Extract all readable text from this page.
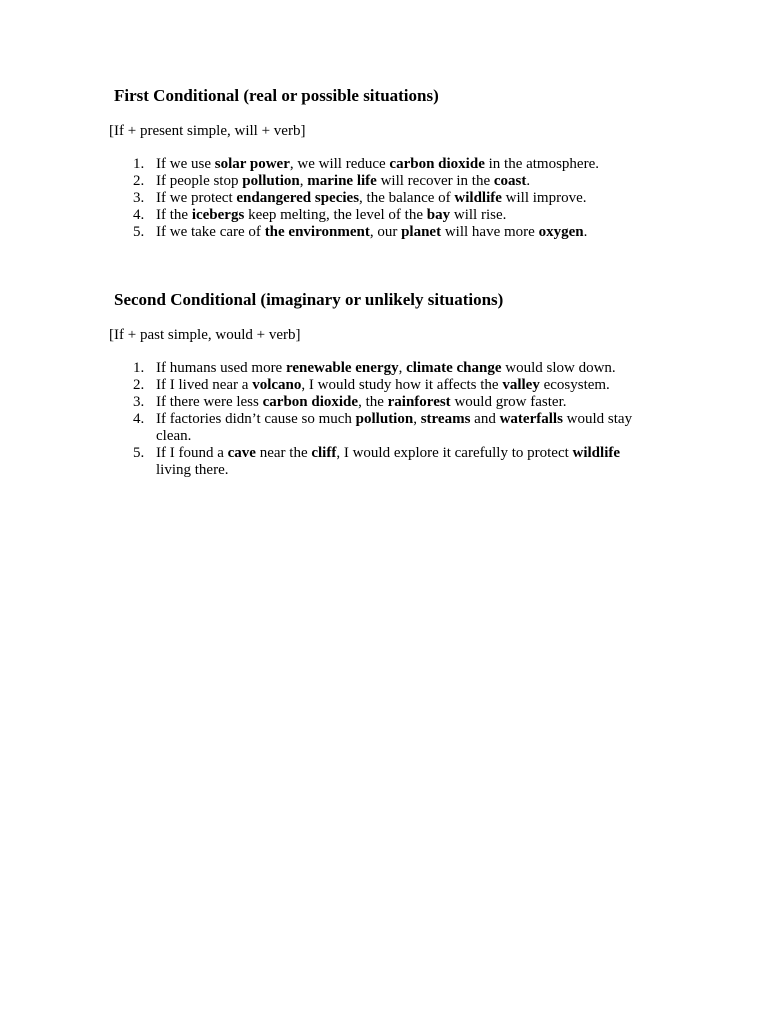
First Conditional (real or possible situations)
[If + present simple, will + verb]
1. If we use solar power, we will reduce carbon dioxide in the atmosphere.
2. If people stop pollution, marine life will recover in the coast.
3. If we protect endangered species, the balance of wildlife will improve.
4. If the icebergs keep melting, the level of the bay will rise.
5. If we take care of the environment, our planet will have more oxygen.
Second Conditional (imaginary or unlikely situations)
[If + past simple, would + verb]
1. If humans used more renewable energy, climate change would slow down.
2. If I lived near a volcano, I would study how it affects the valley ecosystem.
3. If there were less carbon dioxide, the rainforest would grow faster.
4. If factories didn’t cause so much pollution, streams and waterfalls would stay clean.
5. If I found a cave near the cliff, I would explore it carefully to protect wildlife living there.
